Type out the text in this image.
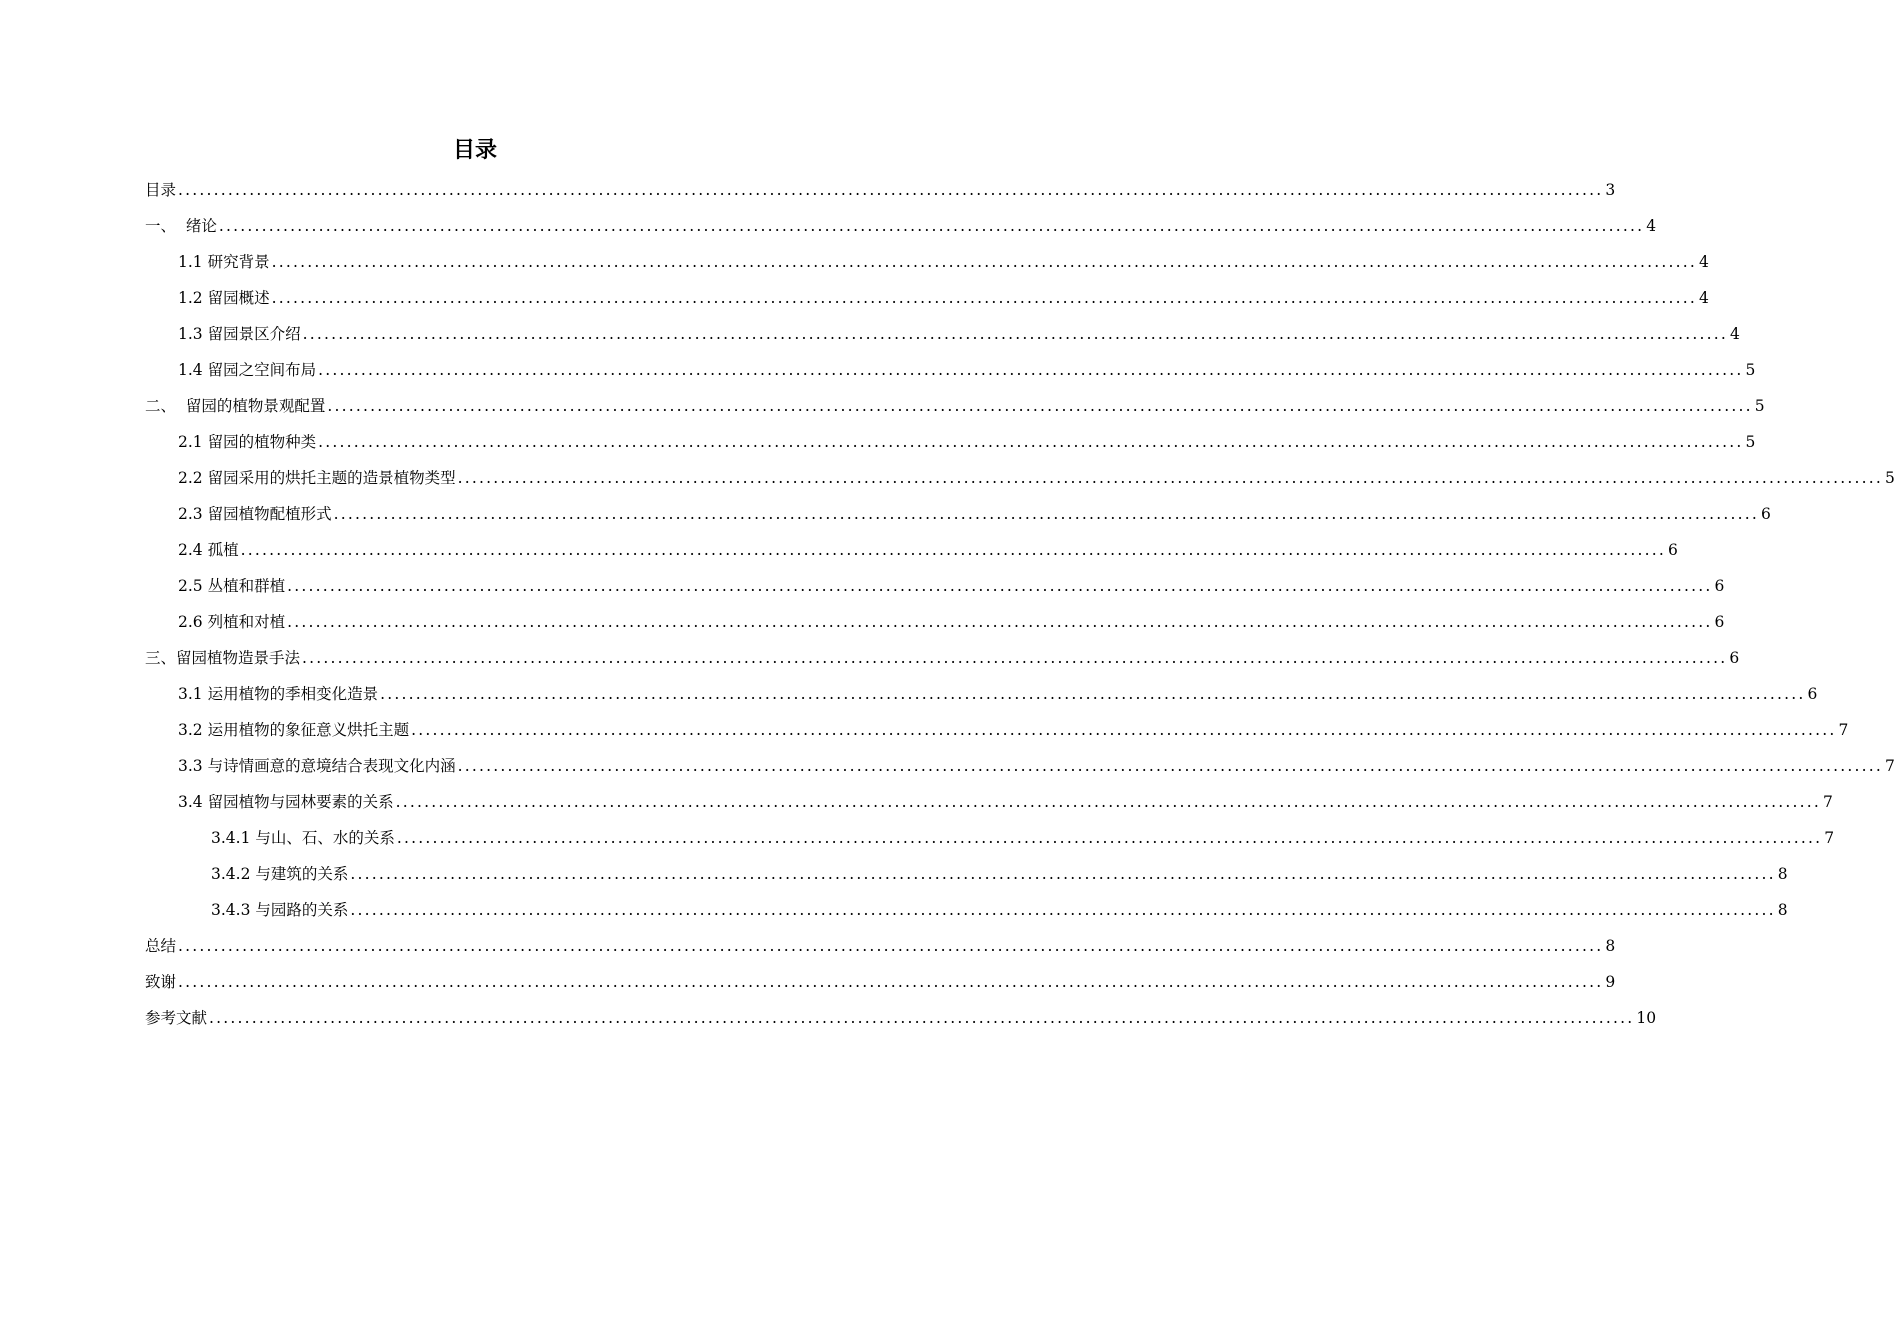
目录
目录 ........................................................................................................................................................................................................ 3
一、  绪论 ........................................................................................................................................................................................................ 4
1.1 研究背景 ........................................................................................................................................................................................................ 4
1.2 留园概述 ........................................................................................................................................................................................................ 4
1.3 留园景区介绍 ........................................................................................................................................................................................................ 4
1.4 留园之空间布局 ........................................................................................................................................................................................................ 5
二、  留园的植物景观配置 ........................................................................................................................................................................................................ 5
2.1 留园的植物种类 ........................................................................................................................................................................................................ 5
2.2 留园采用的烘托主题的造景植物类型 ........................................................................................................................................................................................................ 5
2.3 留园植物配植形式 ........................................................................................................................................................................................................ 6
2.4 孤植 ........................................................................................................................................................................................................ 6
2.5 丛植和群植 ........................................................................................................................................................................................................ 6
2.6 列植和对植 ........................................................................................................................................................................................................ 6
三、留园植物造景手法 ........................................................................................................................................................................................................ 6
3.1 运用植物的季相变化造景 ........................................................................................................................................................................................................ 6
3.2 运用植物的象征意义烘托主题 ........................................................................................................................................................................................................ 7
3.3 与诗情画意的意境结合表现文化内涵 ........................................................................................................................................................................................................ 7
3.4 留园植物与园林要素的关系 ........................................................................................................................................................................................................ 7
3.4.1 与山、石、水的关系 ........................................................................................................................................................................................................ 7
3.4.2 与建筑的关系 ........................................................................................................................................................................................................ 8
3.4.3 与园路的关系 ........................................................................................................................................................................................................ 8
总结 ........................................................................................................................................................................................................ 8
致谢 ........................................................................................................................................................................................................ 9
参考文献 ........................................................................................................................................................................................................ 10
